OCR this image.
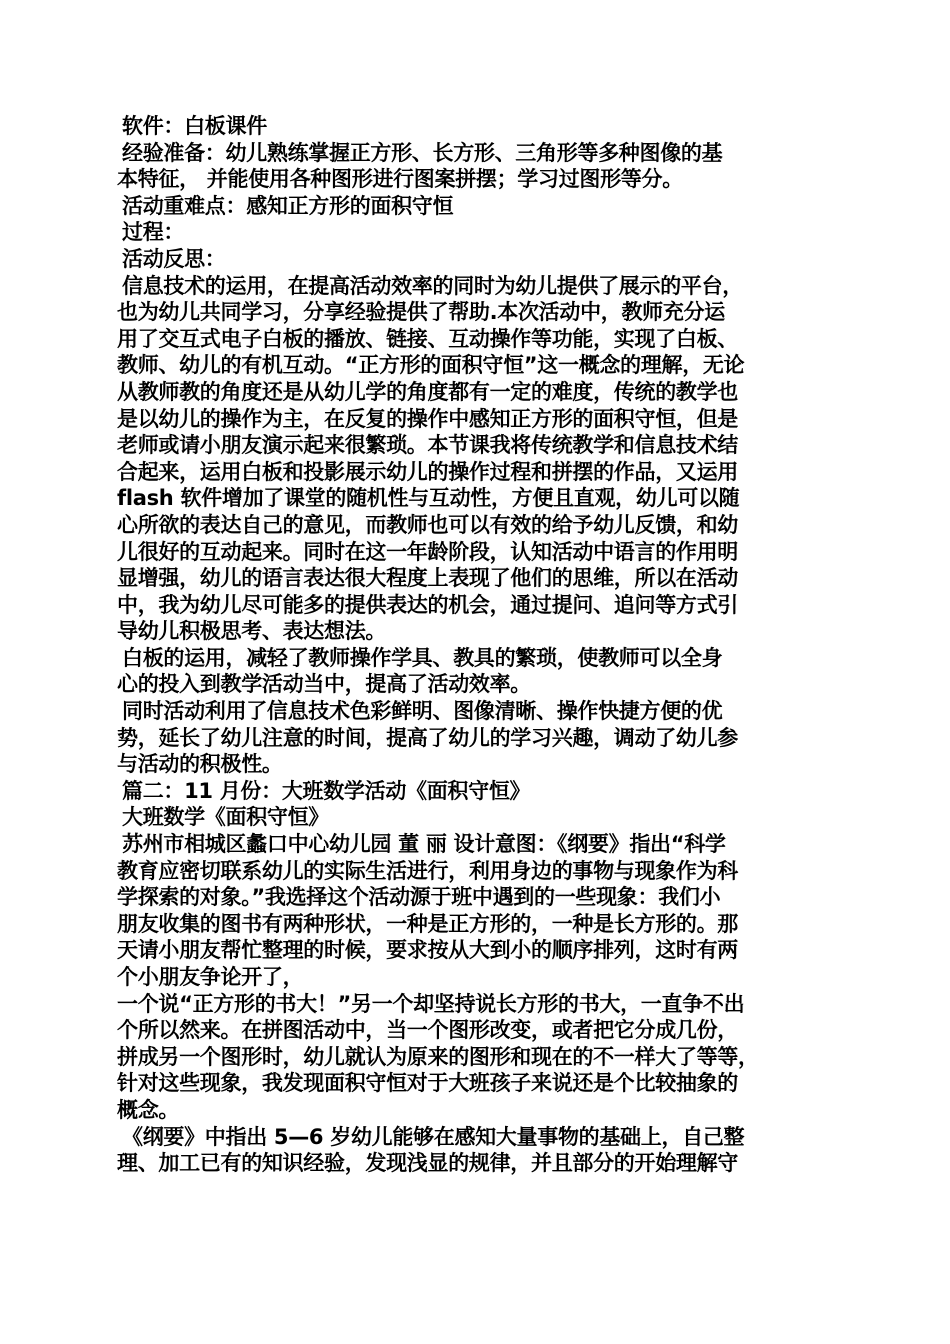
软件：白板课件
经验准备：幼儿熟练掌握正方形、长方形、三角形等多种图像的基
本特征， 并能使用各种图形进行图案拼摆；学习过图形等分。
活动重难点：感知正方形的面积守恒
过程：
活动反思：
信息技术的运用，在提高活动效率的同时为幼儿提供了展示的平台，
也为幼儿共同学习，分享经验提供了帮助.本次活动中，教师充分运
用了交互式电子白板的播放、链接、互动操作等功能，实现了白板、
教师、幼儿的有机互动。“正方形的面积守恒”这一概念的理解，无论
从教师教的角度还是从幼儿学的角度都有一定的难度，传统的教学也
是以幼儿的操作为主，在反复的操作中感知正方形的面积守恒，但是
老师或请小朋友演示起来很繁琐。本节课我将传统教学和信息技术结
合起来，运用白板和投影展示幼儿的操作过程和拼摆的作品，又运用
flash 软件增加了课堂的随机性与互动性，方便且直观，幼儿可以随
心所欲的表达自己的意见，而教师也可以有效的给予幼儿反馈，和幼
儿很好的互动起来。同时在这一年龄阶段，认知活动中语言的作用明
显增强，幼儿的语言表达很大程度上表现了他们的思维，所以在活动
中，我为幼儿尽可能多的提供表达的机会，通过提问、追问等方式引
导幼儿积极思考、表达想法。
白板的运用，减轻了教师操作学具、教具的繁琐，使教师可以全身
心的投入到教学活动当中，提高了活动效率。
同时活动利用了信息技术色彩鲜明、图像清晰、操作快捷方便的优
势，延长了幼儿注意的时间，提高了幼儿的学习兴趣，调动了幼儿参
与活动的积极性。
篇二：11 月份：大班数学活动《面积守恒》
大班数学《面积守恒》
苏州市相城区蠡口中心幼儿园 董 丽 设计意图：《纲要》指出“科学
教育应密切联系幼儿的实际生活进行，利用身边的事物与现象作为科
学探索的对象。”我选择这个活动源于班中遇到的一些现象：我们小
朋友收集的图书有两种形状，一种是正方形的，一种是长方形的。那
天请小朋友帮忙整理的时候，要求按从大到小的顺序排列，这时有两
个小朋友争论开了，
一个说“正方形的书大！”另一个却坚持说长方形的书大，一直争不出
个所以然来。在拼图活动中，当一个图形改变，或者把它分成几份，
拼成另一个图形时，幼儿就认为原来的图形和现在的不一样大了等等，
针对这些现象，我发现面积守恒对于大班孩子来说还是个比较抽象的
概念。
《纲要》中指出 5—6 岁幼儿能够在感知大量事物的基础上，自己整
理、加工已有的知识经验，发现浅显的规律，并且部分的开始理解守
